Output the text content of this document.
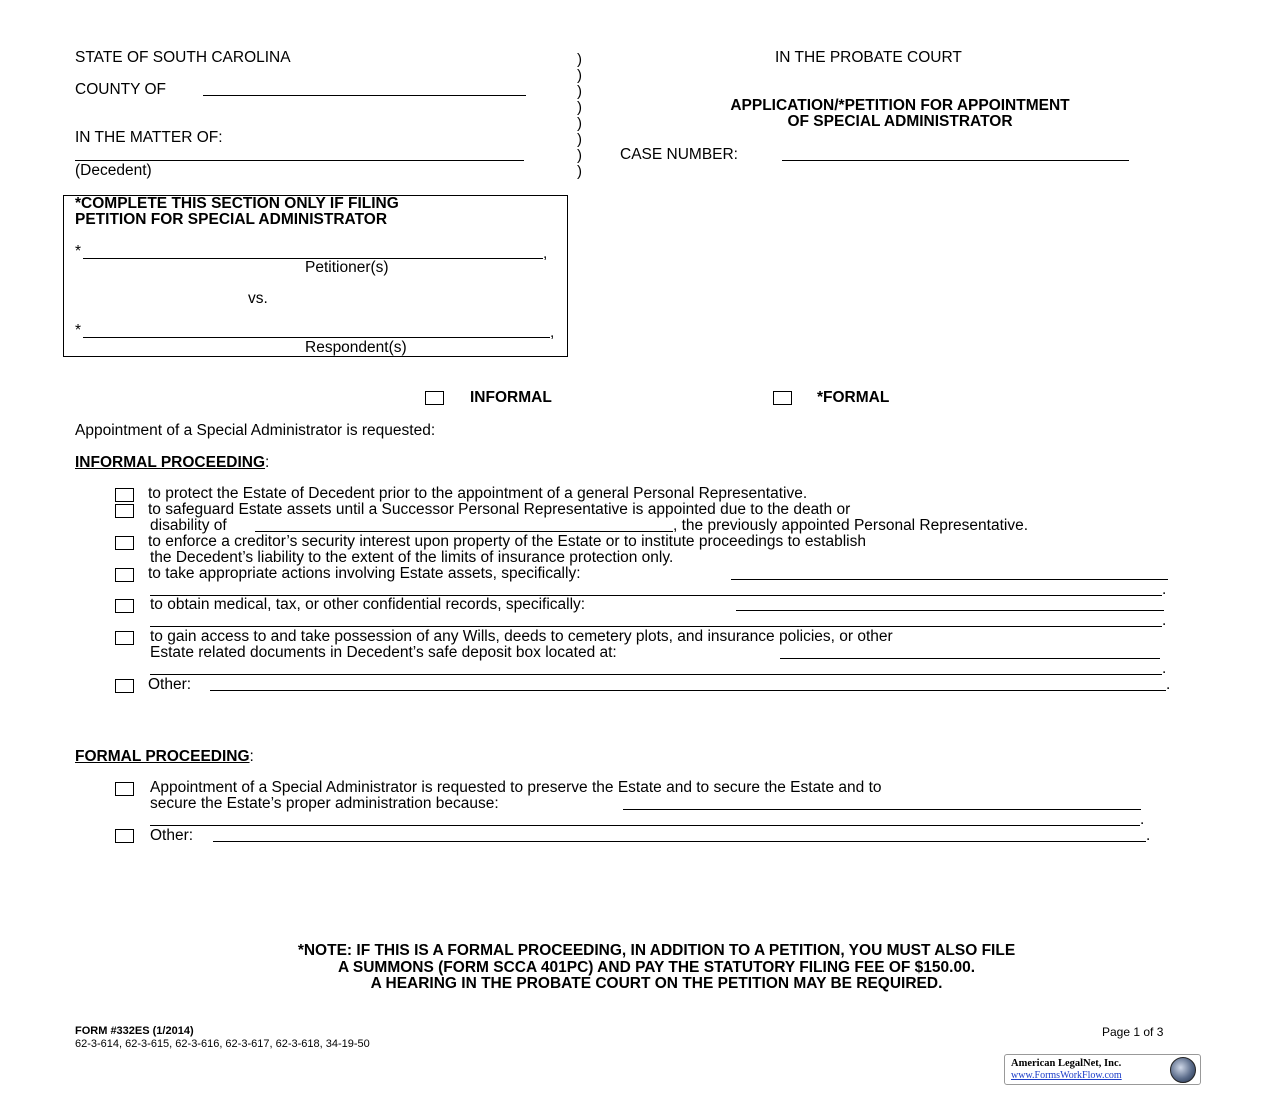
STATE OF SOUTH CAROLINA
COUNTY OF
IN THE MATTER OF:
(Decedent)
)
)
)
)
)
)
)
)
IN THE PROBATE COURT
APPLICATION/*PETITION FOR APPOINTMENT
OF SPECIAL ADMINISTRATOR
CASE NUMBER:
*COMPLETE THIS SECTION ONLY IF FILING
PETITION FOR SPECIAL ADMINISTRATOR
*	,
Petitioner(s)
vs.
*	,
Respondent(s)
INFORMAL	*FORMAL
Appointment of a Special Administrator is requested:
INFORMAL PROCEEDING:
to protect the Estate of Decedent prior to the appointment of a general Personal Representative.
to safeguard Estate assets until a Successor Personal Representative is appointed due to the death or
disability of	, the previously appointed Personal Representative.
to enforce a creditor’s security interest upon property of the Estate or to institute proceedings to establish
the Decedent’s liability to the extent of the limits of insurance protection only.
to take appropriate actions involving Estate assets, specifically:
.
to obtain medical, tax, or other confidential records, specifically:
.
to gain access to and take possession of any Wills, deeds to cemetery plots, and insurance policies, or other
Estate related documents in Decedent’s safe deposit box located at:
.
Other:	.
FORMAL PROCEEDING:
Appointment of a Special Administrator is requested to preserve the Estate and to secure the Estate and to
secure the Estate’s proper administration because:
.
Other:	.
*NOTE: IF THIS IS A FORMAL PROCEEDING, IN ADDITION TO A PETITION, YOU MUST ALSO FILE
A SUMMONS (FORM SCCA 401PC) AND PAY THE STATUTORY FILING FEE OF $150.00.
A HEARING IN THE PROBATE COURT ON THE PETITION MAY BE REQUIRED.
FORM #332ES (1/2014)
62-3-614, 62-3-615, 62-3-616, 62-3-617, 62-3-618, 34-19-50
Page 1 of 3
American LegalNet, Inc.
www.FormsWorkFlow.com
